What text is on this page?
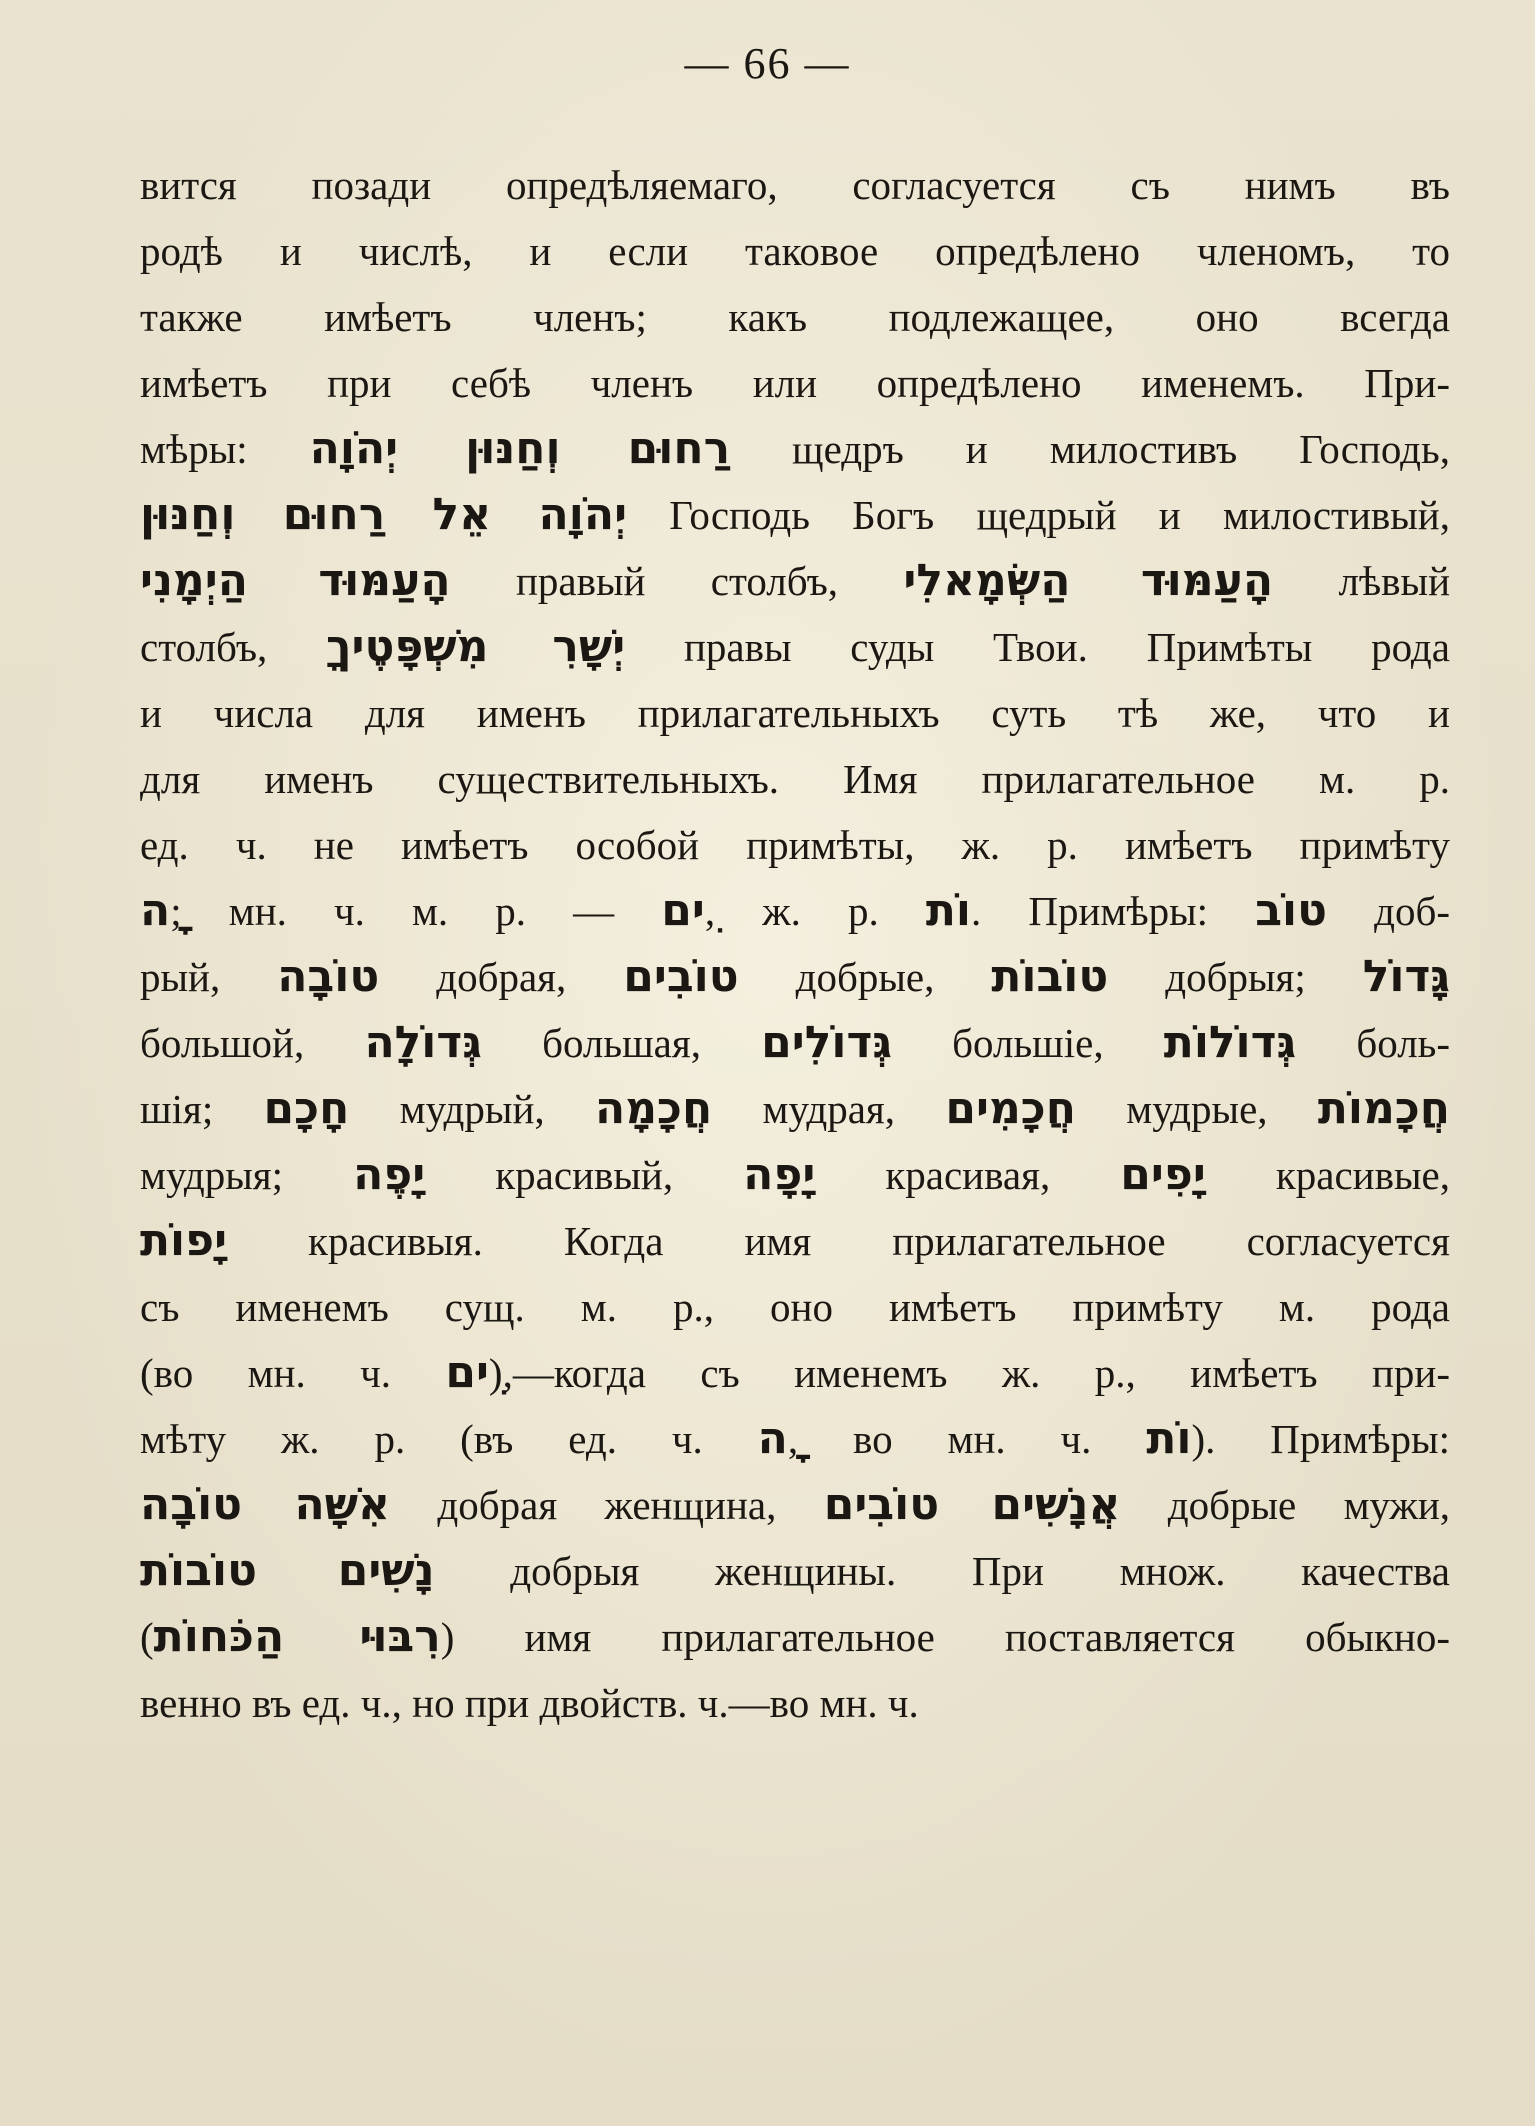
— 66 —
вится позади опредѣляемаго, согласуется съ нимъ въ
родѣ и числѣ, и если таковое опредѣлено членомъ, то
также имѣетъ членъ; какъ подлежащее, оно всегда
имѣетъ при себѣ членъ или опредѣлено именемъ. При-
мѣры: רַחוּם וְחַנּוּן יְהֹוָה щедръ и милостивъ Господь,
יְהֹוָה אֵל רַחוּם וְחַנּוּן Господь Богъ щедрый и милостивый,
הָעַמּוּד הַיְמָנִי правый столбъ, הָעַמּוּד הַשְּׂמָאלִי лѣвый
столбъ, יְשָׁרִ מִשְׁפָּטֶיךָ правы суды Твои. Примѣты рода
и числа для именъ прилагательныхъ суть тѣ же, что и
для именъ существительныхъ. Имя прилагательное м. р.
ед. ч. не имѣетъ особой примѣты, ж. р. имѣетъ примѣту
ָה; мн. ч. м. р. — ִים, ж. р. וֹת. Примѣры: טוֹב доб-
рый, טוֹבָה добрая, טוֹבִים добрые, טוֹבוֹת добрыя; גָּדוֹל
большой, גְּדוֹלָה большая, גְּדוֹלִים большіе, גְּדוֹלוֹת боль-
шія; חָכָם мудрый, חֲכָמָה мудрая, חֲכָמִים мудрые, חֲכָמוֹת
мудрыя; יָפֶה красивый, יָפָה красивая, יָפִים красивые,
יָפוֹת красивыя. Когда имя прилагательное согласуется
съ именемъ сущ. м. р., оно имѣетъ примѣту м. рода
(во мн. ч. ִים),—когда съ именемъ ж. р., имѣетъ при-
мѣту ж. р. (въ ед. ч. ָה, во мн. ч. וֹת). Примѣры:
אִשָּׁה טוֹבָה добрая женщина, אֲנָשִׁים טוֹבִים добрые мужи,
נָשִׁים טוֹבוֹת добрыя женщины. При множ. качества
(רִבּוּי הַכֹּחוֹת) имя прилагательное поставляется обыкно-
венно въ ед. ч., но при двойств. ч.—во мн. ч.
